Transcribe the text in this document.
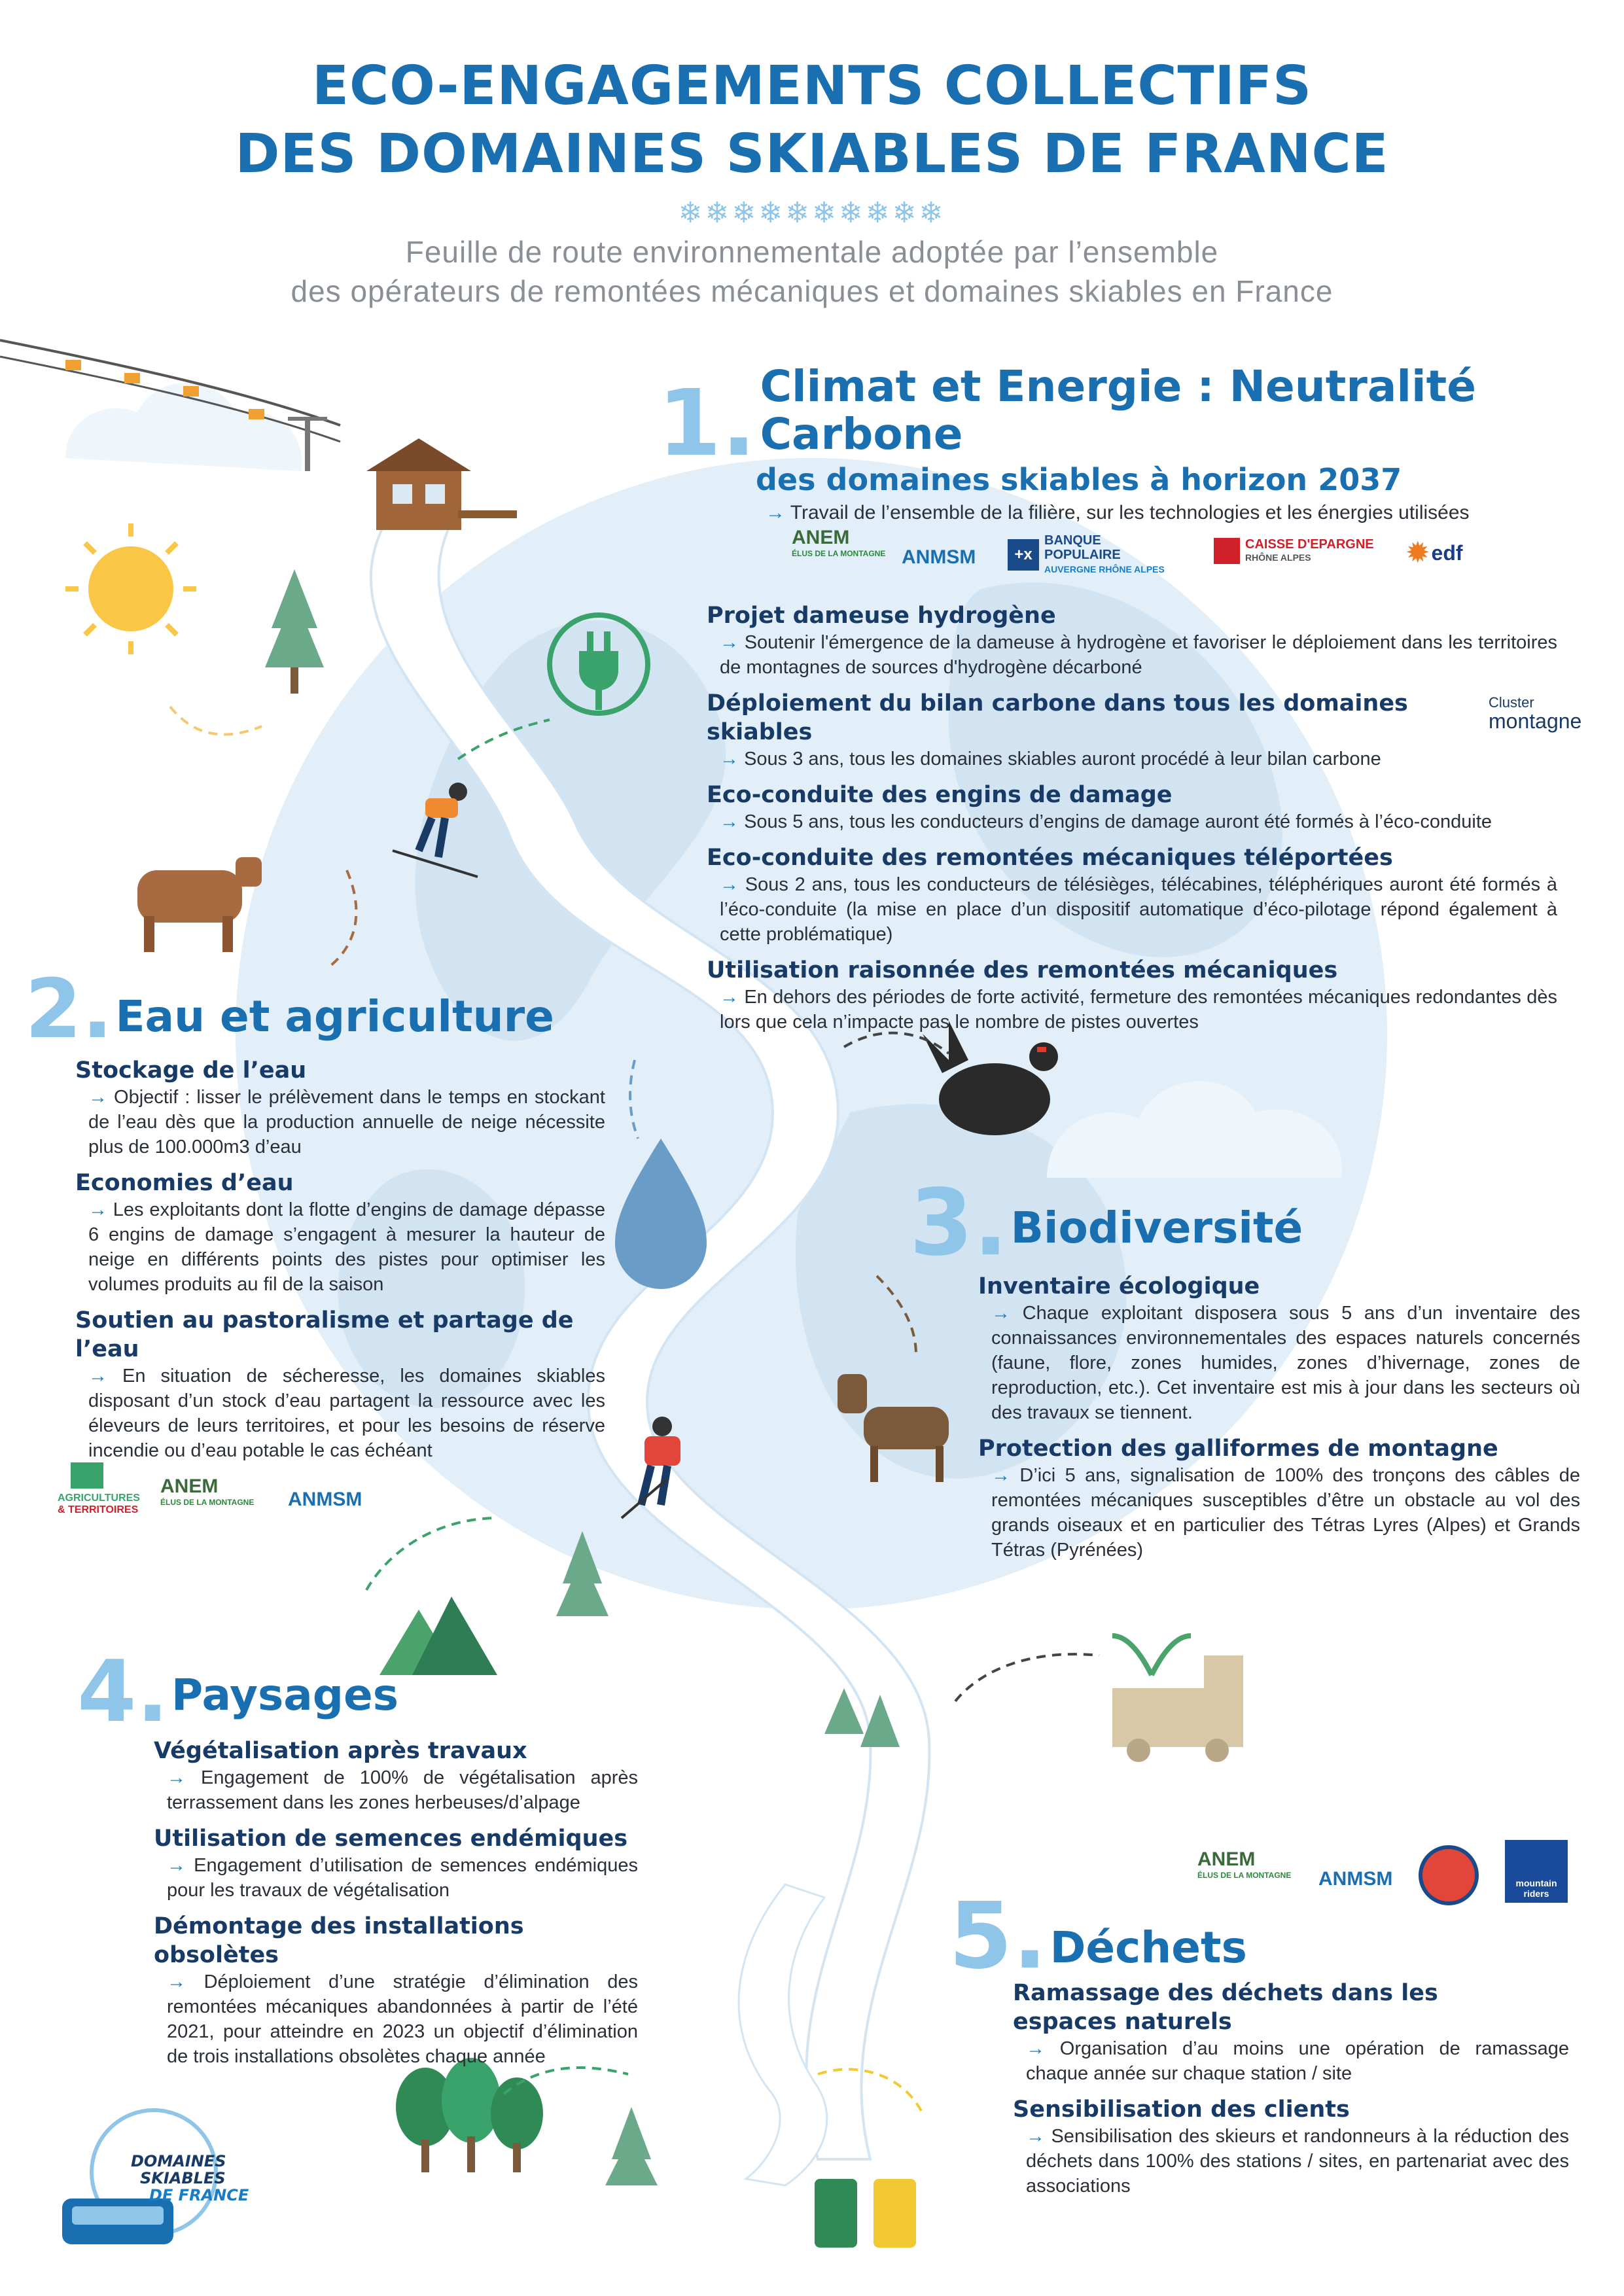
ECO-ENGAGEMENTS COLLECTIFS
DES DOMAINES SKIABLES DE FRANCE
❄❄❄❄❄❄❄❄❄❄
Feuille de route environnementale adoptée par l’ensemble
des opérateurs de remontées mécaniques et domaines skiables en France
1. Climat et Energie : Neutralité Carbone
des domaines skiables à horizon 2037
→ Travail de l’ensemble de la filière, sur les technologies et les énergies utilisées
ANEM
ÉLUS DE LA MONTAGNE ANMSM	+x
BANQUE
POPULAIRE
AUVERGNE RHÔNE ALPES
CAISSE D'EPARGNE
RHÔNE ALPES	✹ edf
Projet dameuse hydrogène
→ Soutenir l'émergence de la dameuse à hydrogène et favoriser le déploiement dans les territoires de montagnes de sources d'hydrogène décarboné
Déploiement du bilan carbone dans tous les domaines skiables
→ Sous 3 ans, tous les domaines skiables auront procédé à leur bilan carbone
Eco-conduite des engins de damage
→ Sous 5 ans, tous les conducteurs d’engins de damage auront été formés à l’éco-conduite
Eco-conduite des remontées mécaniques téléportées
→ Sous 2 ans, tous les conducteurs de télésièges, télécabines, téléphériques auront été formés à l’éco-conduite (la mise en place d’un dispositif automatique d’éco-pilotage répond également à cette problématique)
Utilisation raisonnée des remontées mécaniques
→ En dehors des périodes de forte activité, fermeture des remontées mécaniques redondantes dès lors que cela n’impacte pas le nombre de pistes ouvertes
Cluster
montagne
2. Eau et agriculture
Stockage de l’eau
→ Objectif : lisser le prélèvement dans le temps en stockant de l’eau dès que la production annuelle de neige nécessite plus de 100.000m3 d’eau
Economies d’eau
→ Les exploitants dont la flotte d’engins de damage dépasse 6 engins de damage s’engagent à mesurer la hauteur de neige en différents points des pistes pour optimiser les volumes produits au fil de la saison
Soutien au pastoralisme et partage de l’eau
→ En situation de sécheresse, les domaines skiables disposant d’un stock d’eau partagent la ressource avec les éleveurs de leurs territoires, et pour les besoins de réserve incendie ou d’eau potable le cas échéant
AGRICULTURES
& TERRITOIRES
ANEM
ÉLUS DE LA MONTAGNE	ANMSM
3. Biodiversité
Inventaire écologique
→ Chaque exploitant disposera sous 5 ans d’un inventaire des connaissances environnementales des espaces naturels concernés (faune, flore, zones humides, zones d’hivernage, zones de reproduction, etc.). Cet inventaire est mis à jour dans les secteurs où des travaux se tiennent.
Protection des galliformes de montagne
→ D’ici 5 ans, signalisation de 100% des tronçons des câbles de remontées mécaniques susceptibles d’être un obstacle au vol des grands oiseaux et en particulier des Tétras Lyres (Alpes) et Grands Tétras (Pyrénées)
4. Paysages
Végétalisation après travaux
→ Engagement de 100% de végétalisation après terrassement dans les zones herbeuses/d’alpage
Utilisation de semences endémiques
→ Engagement d’utilisation de semences endémiques pour les travaux de végétalisation
Démontage des installations obsolètes
→ Déploiement d’une stratégie d’élimination des remontées mécaniques abandonnées à partir de l’été 2021, pour atteindre en 2023 un objectif d’élimination de trois installations obsolètes chaque année
ANEM
ÉLUS DE LA MONTAGNE	ANMSM	mountain riders
5. Déchets
Ramassage des déchets dans les espaces naturels
→ Organisation d’au moins une opération de ramassage chaque année sur chaque station / site
Sensibilisation des clients
→ Sensibilisation des skieurs et randonneurs à la réduction des déchets dans 100% des stations / sites, en partenariat avec des associations
DOMAINES
SKIABLES
DE FRANCE
